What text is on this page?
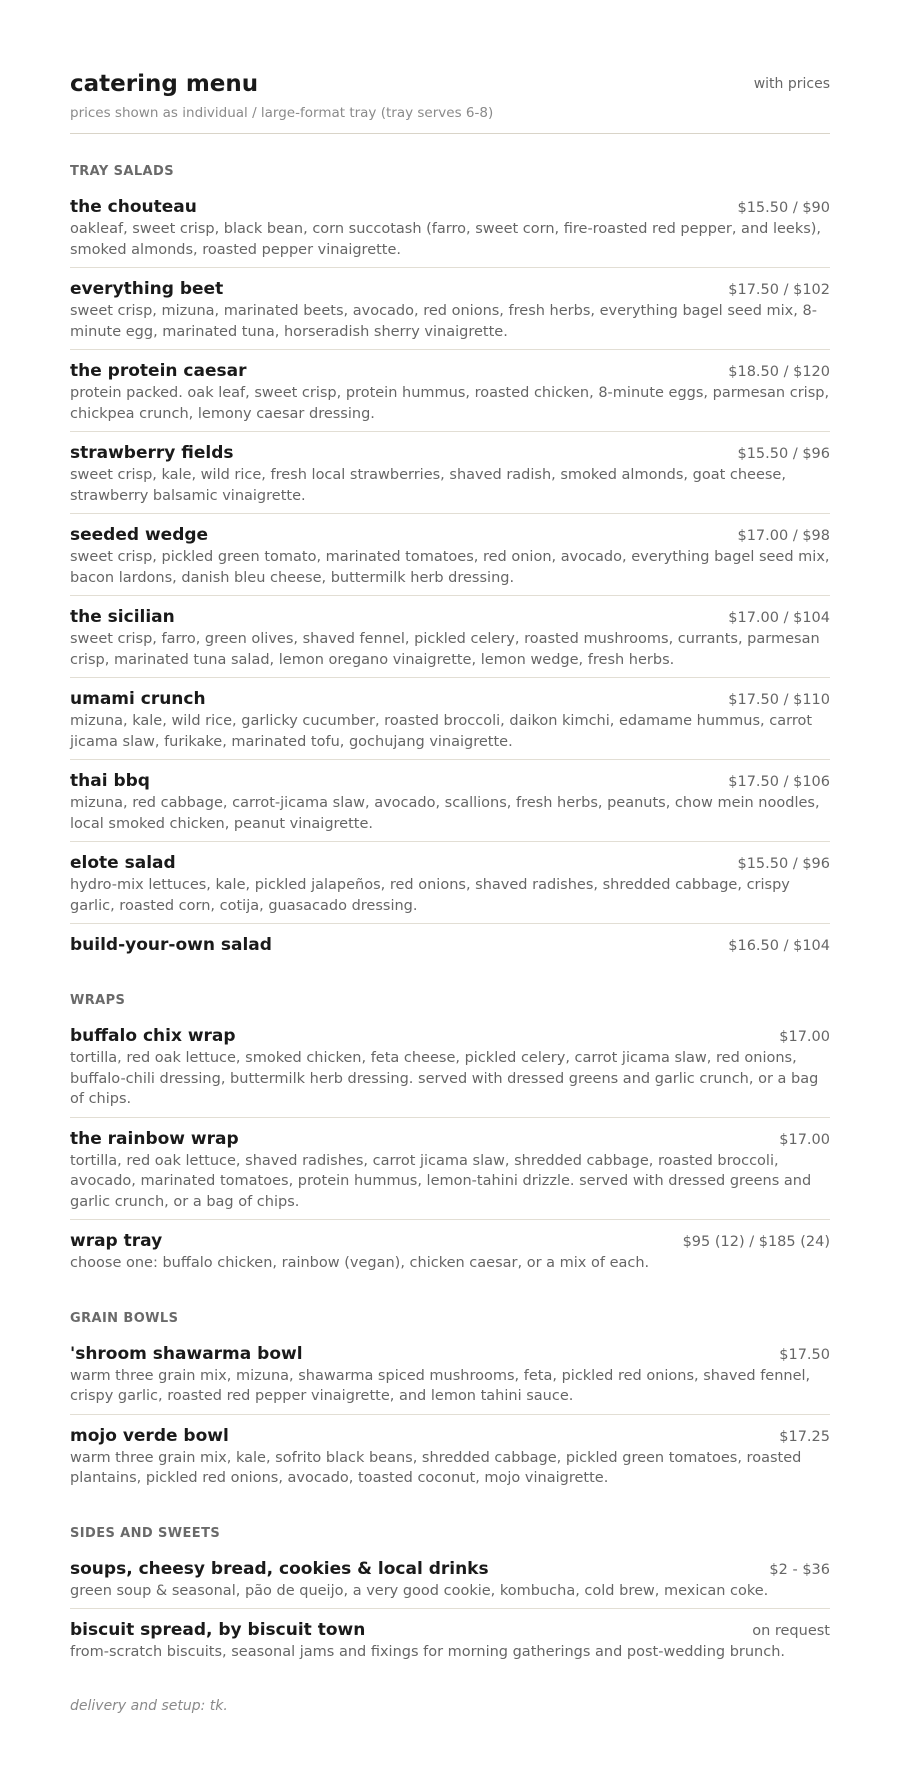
catering menu	with prices
prices shown as individual / large-format tray (tray serves 6-8)
TRAY SALADS
the chouteau	$15.50 / $90
oakleaf, sweet crisp, black bean, corn succotash (farro, sweet corn, fire-roasted red pepper, and leeks), smoked almonds, roasted pepper vinaigrette.
everything beet	$17.50 / $102
sweet crisp, mizuna, marinated beets, avocado, red onions, fresh herbs, everything bagel seed mix, 8-minute egg, marinated tuna, horseradish sherry vinaigrette.
the protein caesar	$18.50 / $120
protein packed. oak leaf, sweet crisp, protein hummus, roasted chicken, 8-minute eggs, parmesan crisp, chickpea crunch, lemony caesar dressing.
strawberry fields	$15.50 / $96
sweet crisp, kale, wild rice, fresh local strawberries, shaved radish, smoked almonds, goat cheese, strawberry balsamic vinaigrette.
seeded wedge	$17.00 / $98
sweet crisp, pickled green tomato, marinated tomatoes, red onion, avocado, everything bagel seed mix, bacon lardons, danish bleu cheese, buttermilk herb dressing.
the sicilian	$17.00 / $104
sweet crisp, farro, green olives, shaved fennel, pickled celery, roasted mushrooms, currants, parmesan crisp, marinated tuna salad, lemon oregano vinaigrette, lemon wedge, fresh herbs.
umami crunch	$17.50 / $110
mizuna, kale, wild rice, garlicky cucumber, roasted broccoli, daikon kimchi, edamame hummus, carrot jicama slaw, furikake, marinated tofu, gochujang vinaigrette.
thai bbq	$17.50 / $106
mizuna, red cabbage, carrot-jicama slaw, avocado, scallions, fresh herbs, peanuts, chow mein noodles, local smoked chicken, peanut vinaigrette.
elote salad	$15.50 / $96
hydro-mix lettuces, kale, pickled jalapeños, red onions, shaved radishes, shredded cabbage, crispy garlic, roasted corn, cotija, guasacado dressing.
build-your-own salad	$16.50 / $104
WRAPS
buffalo chix wrap	$17.00
tortilla, red oak lettuce, smoked chicken, feta cheese, pickled celery, carrot jicama slaw, red onions, buffalo-chili dressing, buttermilk herb dressing. served with dressed greens and garlic crunch, or a bag of chips.
the rainbow wrap	$17.00
tortilla, red oak lettuce, shaved radishes, carrot jicama slaw, shredded cabbage, roasted broccoli, avocado, marinated tomatoes, protein hummus, lemon-tahini drizzle. served with dressed greens and garlic crunch, or a bag of chips.
wrap tray	$95 (12) / $185 (24)
choose one: buffalo chicken, rainbow (vegan), chicken caesar, or a mix of each.
GRAIN BOWLS
'shroom shawarma bowl	$17.50
warm three grain mix, mizuna, shawarma spiced mushrooms, feta, pickled red onions, shaved fennel, crispy garlic, roasted red pepper vinaigrette, and lemon tahini sauce.
mojo verde bowl	$17.25
warm three grain mix, kale, sofrito black beans, shredded cabbage, pickled green tomatoes, roasted plantains, pickled red onions, avocado, toasted coconut, mojo vinaigrette.
SIDES AND SWEETS
soups, cheesy bread, cookies & local drinks	$2 - $36
green soup & seasonal, pão de queijo, a very good cookie, kombucha, cold brew, mexican coke.
biscuit spread, by biscuit town	on request
from-scratch biscuits, seasonal jams and fixings for morning gatherings and post-wedding brunch.
delivery and setup: tk.
